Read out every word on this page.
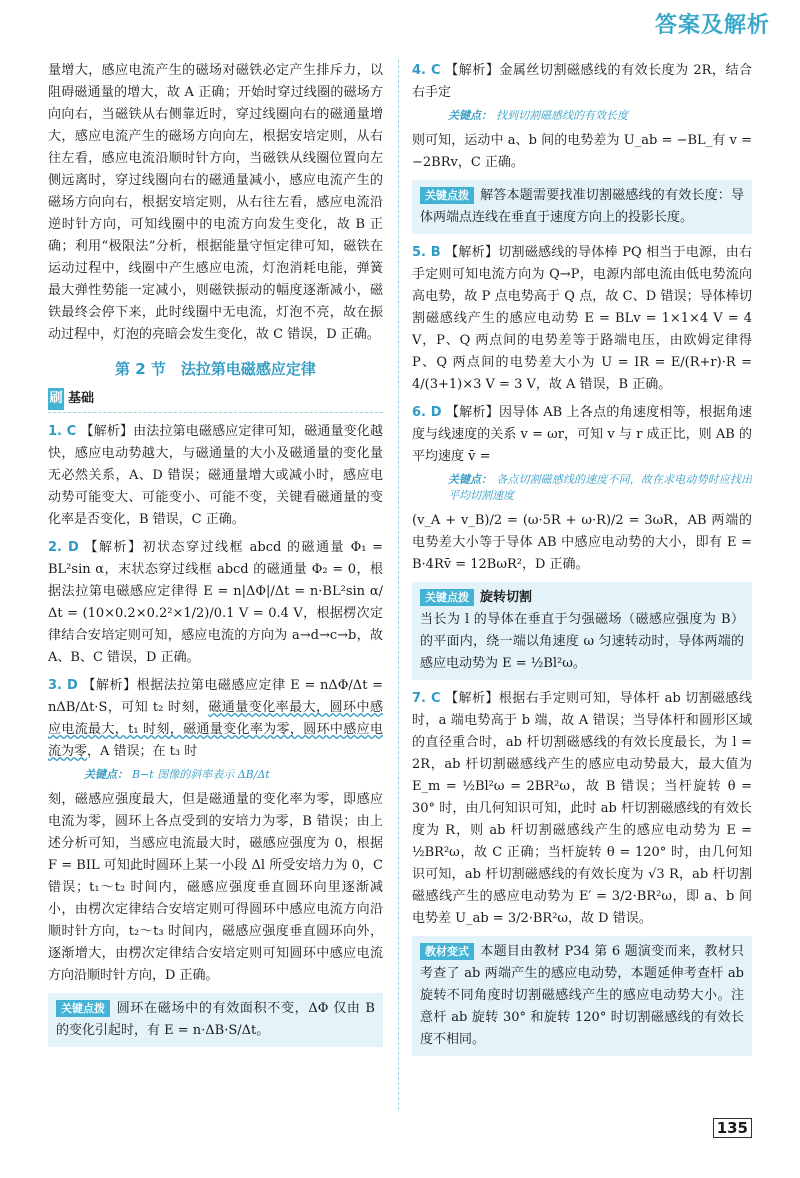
答案及解析

量增大，感应电流产生的磁场对磁铁必定产生排斥力，以阻碍磁通量的增大，故 A 正确；开始时穿过线圈的磁场方向向右，当磁铁从右侧靠近时，穿过线圈向右的磁通量增大，感应电流产生的磁场方向向左，根据安培定则，从右往左看，感应电流沿顺时针方向，当磁铁从线圈位置向左侧远离时，穿过线圈向右的磁通量减小，感应电流产生的磁场方向向右，根据安培定则，从右往左看，感应电流沿逆时针方向，可知线圈中的电流方向发生变化，故 B 正确；利用“极限法”分析，根据能量守恒定律可知，磁铁在运动过程中，线圈中产生感应电流，灯泡消耗电能，弹簧最大弹性势能一定减小，则磁铁振动的幅度逐渐减小，磁铁最终会停下来，此时线圈中无电流，灯泡不亮，故在振动过程中，灯泡的亮暗会发生变化，故 C 错误，D 正确。

第 2 节　法拉第电磁感应定律
刷 基础

1. C 【解析】由法拉第电磁感应定律可知，磁通量变化越快，感应电动势越大，与磁通量的大小及磁通量的变化量无必然关系，A、D 错误；磁通量增大或减小时，感应电动势可能变大、可能变小、可能不变，关键看磁通量的变化率是否变化，B 错误，C 正确。

2. D 【解析】初状态穿过线框 abcd 的磁通量 Φ₁ = BL²sin α，末状态穿过线框 abcd 的磁通量 Φ₂ = 0，根据法拉第电磁感应定律得 E = n|ΔΦ|/Δt = n·BL²sin α/Δt = (10×0.2×0.2²×1/2)/0.1 V = 0.4 V，根据楞次定律结合安培定则可知，感应电流的方向为 a→d→c→b，故 A、B、C 错误，D 正确。

3. D 【解析】根据法拉第电磁感应定律 E = nΔΦ/Δt = nΔB/Δt·S，可知 t₂ 时刻，磁通量变化率最大，圆环中感应电流最大，t₁ 时刻，磁通量变化率为零，圆环中感应电流为零，A 错误；在 t₃ 时

关键点： B−t 图像的斜率表示 ΔB/Δt

刻，磁感应强度最大，但是磁通量的变化率为零，即感应电流为零，圆环上各点受到的安培力为零，B 错误；由上述分析可知，当感应电流最大时，磁感应强度为 0，根据 F = BIL 可知此时圆环上某一小段 Δl 所受安培力为 0，C 错误；t₁～t₂ 时间内，磁感应强度垂直圆环向里逐渐减小，由楞次定律结合安培定则可得圆环中感应电流方向沿顺时针方向，t₂～t₃ 时间内，磁感应强度垂直圆环向外，逐渐增大，由楞次定律结合安培定则可知圆环中感应电流方向沿顺时针方向，D 正确。

关键点拨 圆环在磁场中的有效面积不变，ΔΦ 仅由 B 的变化引起时，有 E = n·ΔB·S/Δt。

4. C 【解析】金属丝切割磁感线的有效长度为 2R，结合右手定

关键点： 找到切割磁感线的有效长度

则可知，运动中 a、b 间的电势差为 U_ab = −BL_有 v = −2BRv，C 正确。

关键点拨 解答本题需要找准切割磁感线的有效长度：导体两端点连线在垂直于速度方向上的投影长度。

5. B 【解析】切割磁感线的导体棒 PQ 相当于电源，由右手定则可知电流方向为 Q→P，电源内部电流由低电势流向高电势，故 P 点电势高于 Q 点，故 C、D 错误；导体棒切割磁感线产生的感应电动势 E = BLv = 1×1×4 V = 4 V，P、Q 两点间的电势差等于路端电压，由欧姆定律得 P、Q 两点间的电势差大小为 U = IR = E/(R+r)·R = 4/(3+1)×3 V = 3 V，故 A 错误，B 正确。

6. D 【解析】因导体 AB 上各点的角速度相等，根据角速度与线速度的关系 v = ωr，可知 v 与 r 成正比，则 AB 的平均速度 v̄ =

关键点： 各点切割磁感线的速度不同，故在求电动势时应找出平均切割速度

(v_A + v_B)/2 = (ω·5R + ω·R)/2 = 3ωR，AB 两端的电势差大小等于导体 AB 中感应电动势的大小，即有 E = B·4Rv̄ = 12BωR²，D 正确。

关键点拨 旋转切割
当长为 l 的导体在垂直于匀强磁场（磁感应强度为 B）的平面内，绕一端以角速度 ω 匀速转动时，导体两端的感应电动势为 E = ½Bl²ω。

7. C 【解析】根据右手定则可知，导体杆 ab 切割磁感线时，a 端电势高于 b 端，故 A 错误；当导体杆和圆形区域的直径重合时，ab 杆切割磁感线的有效长度最长，为 l = 2R，ab 杆切割磁感线产生的感应电动势最大，最大值为 E_m = ½Bl²ω = 2BR²ω，故 B 错误；当杆旋转 θ = 30° 时，由几何知识可知，此时 ab 杆切割磁感线的有效长度为 R，则 ab 杆切割磁感线产生的感应电动势为 E = ½BR²ω，故 C 正确；当杆旋转 θ = 120° 时，由几何知识可知，ab 杆切割磁感线的有效长度为 √3 R，ab 杆切割磁感线产生的感应电动势为 E′ = 3/2·BR²ω，即 a、b 间电势差 U_ab = 3/2·BR²ω，故 D 错误。

教材变式 本题目由教材 P34 第 6 题演变而来，教材只考查了 ab 两端产生的感应电动势，本题延伸考查杆 ab 旋转不同角度时切割磁感线产生的感应电动势大小。注意杆 ab 旋转 30° 和旋转 120° 时切割磁感线的有效长度不相同。
135
